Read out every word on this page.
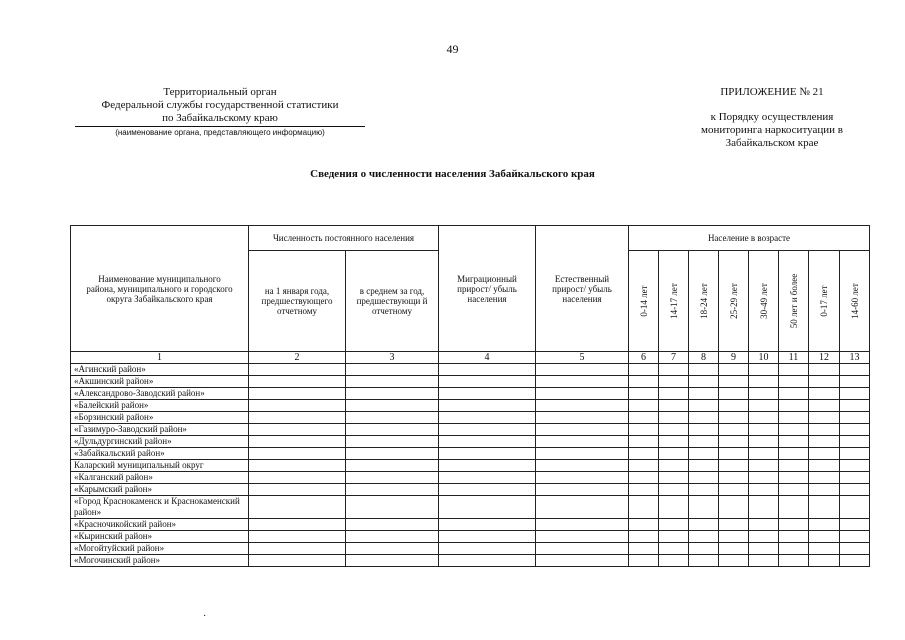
49
Территориальный орган
Федеральной службы государственной статистики
по Забайкальскому краю
(наименование органа, представляющего информацию)
ПРИЛОЖЕНИЕ № 21
к Порядку осуществления
мониторинга наркоситуации в
Забайкальском крае
Сведения о численности населения Забайкальского края
Наименование муниципального района, муниципального и городского округа Забайкальского края	Численность постоянного населения		Миграционный прирост/ убыль населения	Естественный прирост/ убыль населения	Население в возрасте							
	на 1 января года, предшествующего отчетному	в среднем за год, предшествующи й отчетному			0-14 лет	14-17 лет	18-24 лет	25-29 лет	30-49 лет	50 лет и более	0-17 лет	14-60 лет

1	2	3	4	5	6	7	8	9	10	11	12	13
«Агинский район»												
«Акшинский район»												
«Александрово-Заводский район»												
«Балейский район»												
«Борзинский район»												
«Газимуро-Заводский район»												
«Дульдургинский район»												
«Забайкальский район»												
Каларский муниципальный округ												
«Калганский район»												
«Карымский район»												
«Город Краснокаменск и Краснокаменский район»												
«Красночикойский район»												
«Кыринский район»												
«Могойтуйский район»												
«Могочинский район»												
·
